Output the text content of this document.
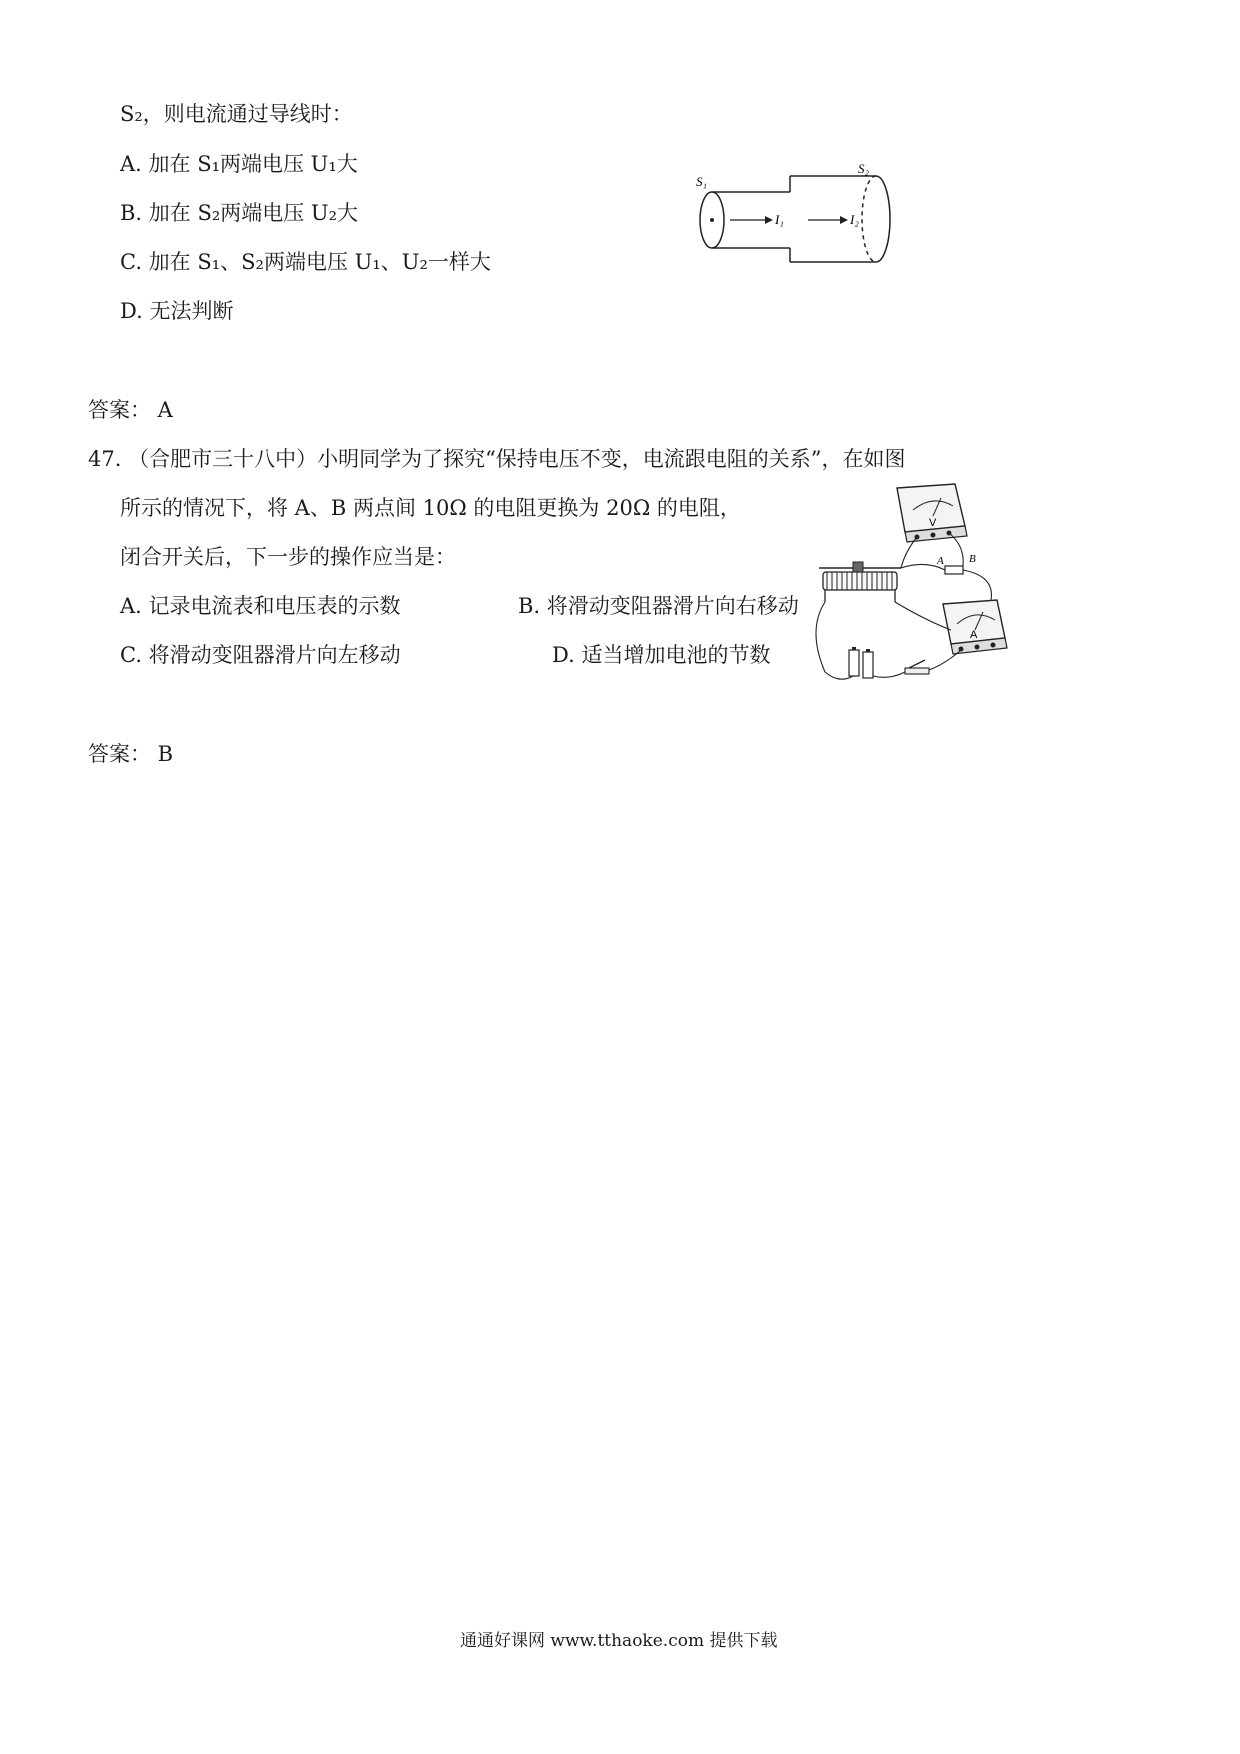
S₂，则电流通过导线时：
A. 加在 S₁两端电压 U₁大
B. 加在 S₂两端电压 U₂大
C. 加在 S₁、S₂两端电压 U₁、U₂一样大
D. 无法判断
S₁
S₂
I₁	I₂
答案： A
47. （合肥市三十八中）小明同学为了探究“保持电压不变，电流跟电阻的关系”，在如图
所示的情况下，将 A、B 两点间 10Ω 的电阻更换为 20Ω 的电阻，
闭合开关后，下一步的操作应当是：
A. 记录电流表和电压表的示数	B. 将滑动变阻器滑片向右移动
C. 将滑动变阻器滑片向左移动	D. 适当增加电池的节数
V
A B
A
答案： B
通通好课网 www.tthaoke.com 提供下载
